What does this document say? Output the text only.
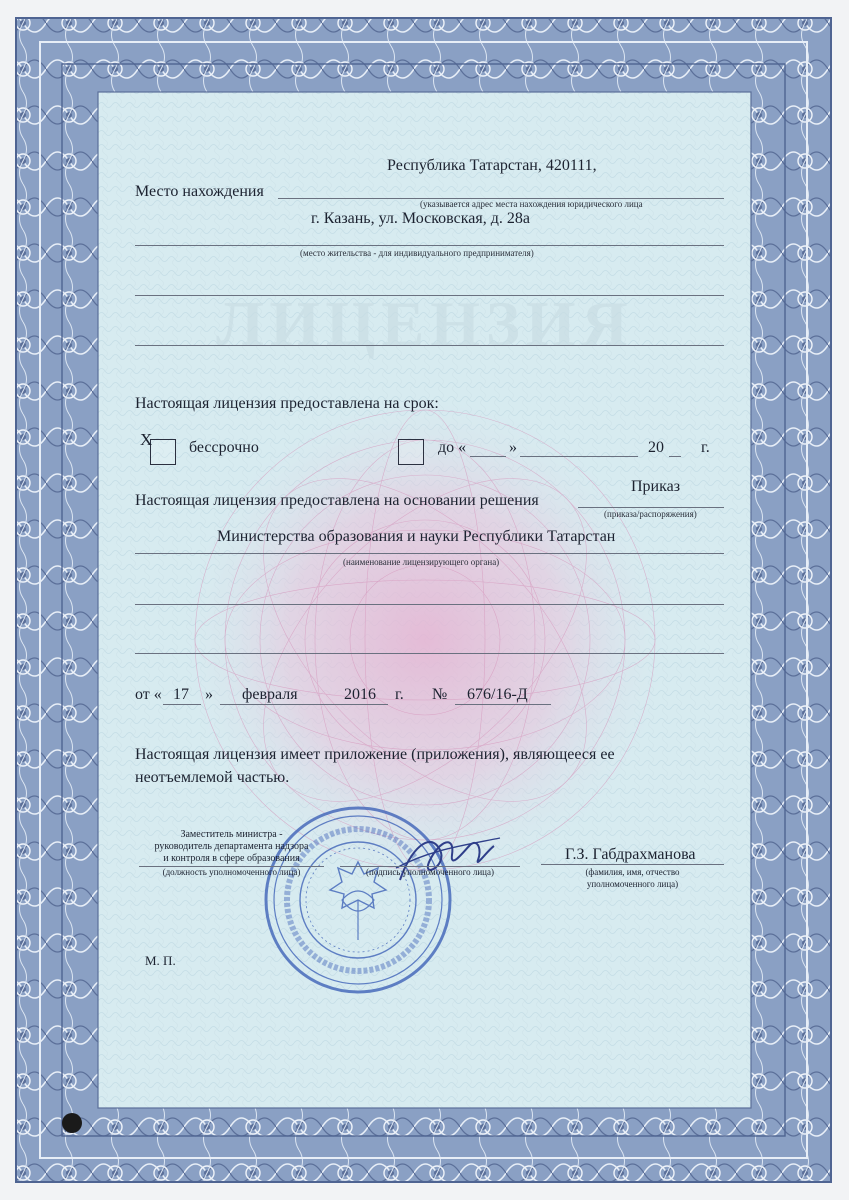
ЛИЦЕНЗИЯ
Республика Татарстан, 420111,
Место нахождения
(указывается адрес места нахождения юридического лица
г. Казань, ул. Московская, д. 28а
(место жительства - для индивидуального предпринимателя)
Настоящая лицензия предоставлена на срок:
Х бессрочно	до «	»	20 г.
Приказ
Настоящая лицензия предоставлена на основании решения
(приказа/распоряжения)
Министерства образования и науки Республики Татарстан
(наименование лицензирующего органа)
от « 17 » февраля	2016 г. № 676/16-Д
Настоящая лицензия имеет приложение (приложения), являющееся ее
неотъемлемой частью.
Заместитель министра -
руководитель департамента надзора
и контроля в сфере образования
(должность уполномоченного лица)	(подпись уполномоченного лица)
Г.З. Габдрахманова
(фамилия, имя, отчество
уполномоченного лица)
М. П.
